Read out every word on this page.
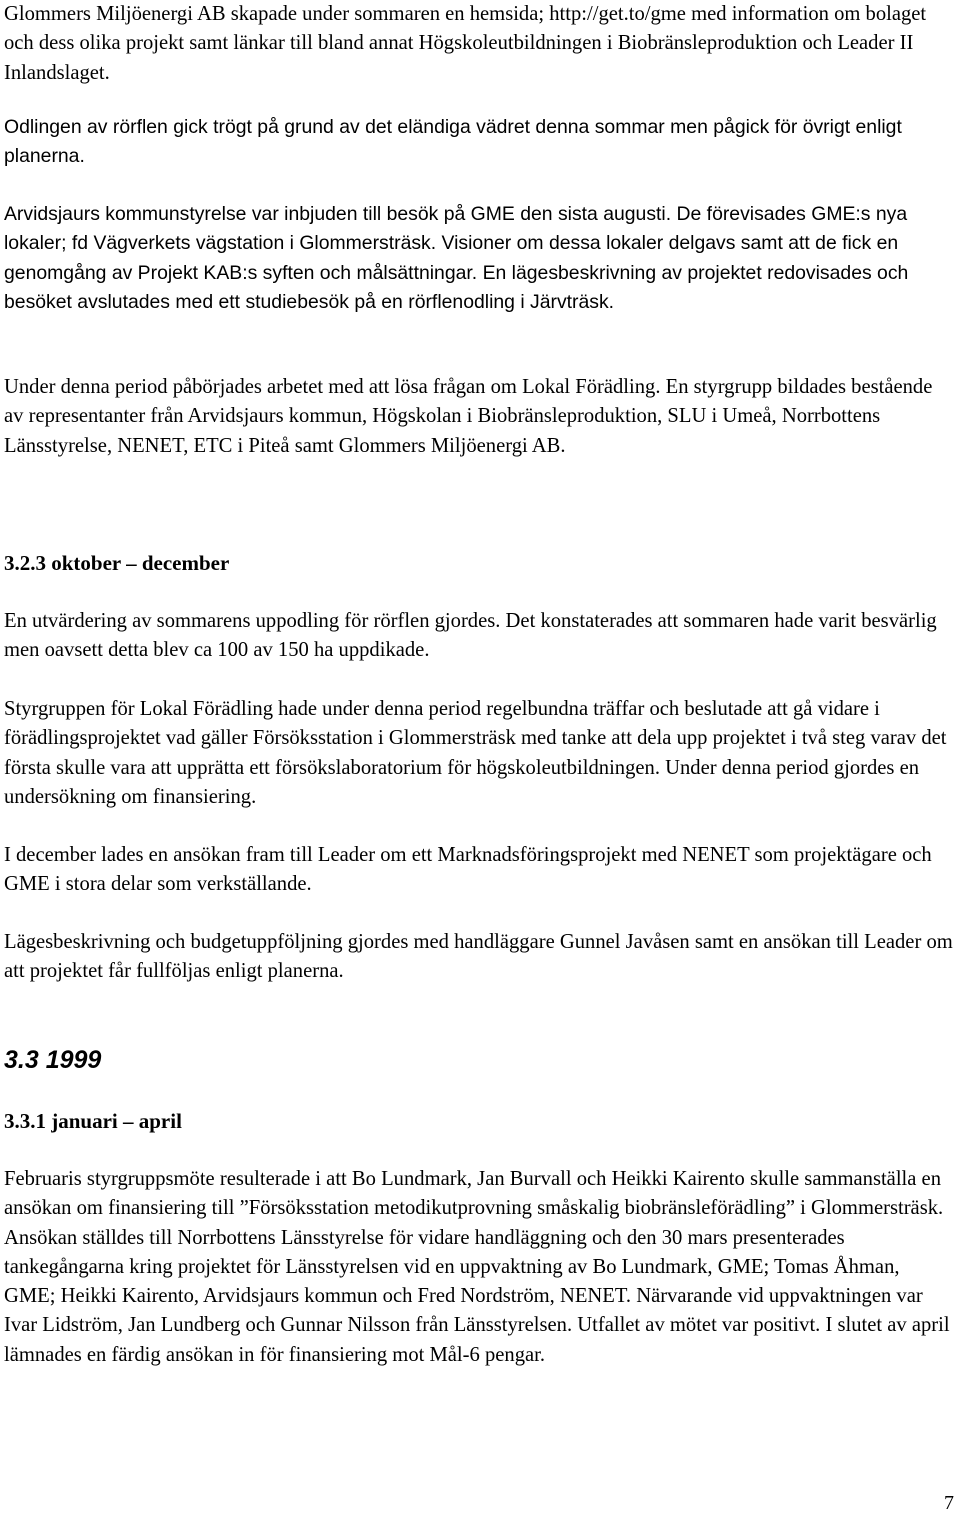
Glommers Miljöenergi AB skapade under sommaren en hemsida; http://get.to/gme med information om bolaget och dess olika projekt samt länkar till bland annat Högskoleutbildningen i Biobränsleproduktion och Leader II Inlandslaget.

Odlingen av rörflen gick trögt på grund av det eländiga vädret denna sommar men pågick för övrigt enligt planerna.

Arvidsjaurs kommunstyrelse var inbjuden till besök på GME den sista augusti. De förevisades GME:s nya lokaler; fd Vägverkets vägstation i Glommersträsk. Visioner om dessa lokaler delgavs samt att de fick en genomgång av Projekt KAB:s syften och målsättningar. En lägesbeskrivning av projektet redovisades och besöket avslutades med ett studiebesök på en rörflenodling i Järvträsk.

Under denna period påbörjades arbetet med att lösa frågan om Lokal Förädling. En styrgrupp bildades bestående av representanter från Arvidsjaurs kommun, Högskolan i Biobränsleproduktion, SLU i Umeå, Norrbottens Länsstyrelse, NENET, ETC i Piteå samt Glommers Miljöenergi AB.

3.2.3 oktober – december

En utvärdering av sommarens uppodling för rörflen gjordes. Det konstaterades att sommaren hade varit besvärlig men oavsett detta blev ca 100 av 150 ha uppdikade.

Styrgruppen för Lokal Förädling hade under denna period regelbundna träffar och beslutade att gå vidare i förädlingsprojektet vad gäller Försöksstation i Glommersträsk med tanke att dela upp projektet i två steg varav det första skulle vara att upprätta ett försökslaboratorium för högskoleutbildningen. Under denna period gjordes en undersökning om finansiering.

I december lades en ansökan fram till Leader om ett Marknadsföringsprojekt med NENET som projektägare och GME i stora delar som verkställande.

Lägesbeskrivning och budgetuppföljning gjordes med handläggare Gunnel Javåsen samt en ansökan till Leader om att projektet får fullföljas enligt planerna.

3.3 1999
3.3.1 januari – april

Februaris styrgruppsmöte resulterade i att Bo Lundmark, Jan Burvall och Heikki Kairento skulle sammanställa en ansökan om finansiering till ”Försöksstation metodikutprovning småskalig biobränsleförädling” i Glommersträsk. Ansökan ställdes till Norrbottens Länsstyrelse för vidare handläggning och den 30 mars presenterades tankegångarna kring projektet för Länsstyrelsen vid en uppvaktning av Bo Lundmark, GME; Tomas Åhman, GME; Heikki Kairento, Arvidsjaurs kommun och Fred Nordström, NENET. Närvarande vid uppvaktningen var Ivar Lidström, Jan Lundberg och Gunnar Nilsson från Länsstyrelsen. Utfallet av mötet var positivt. I slutet av april lämnades en färdig ansökan in för finansiering mot Mål-6 pengar.

7
